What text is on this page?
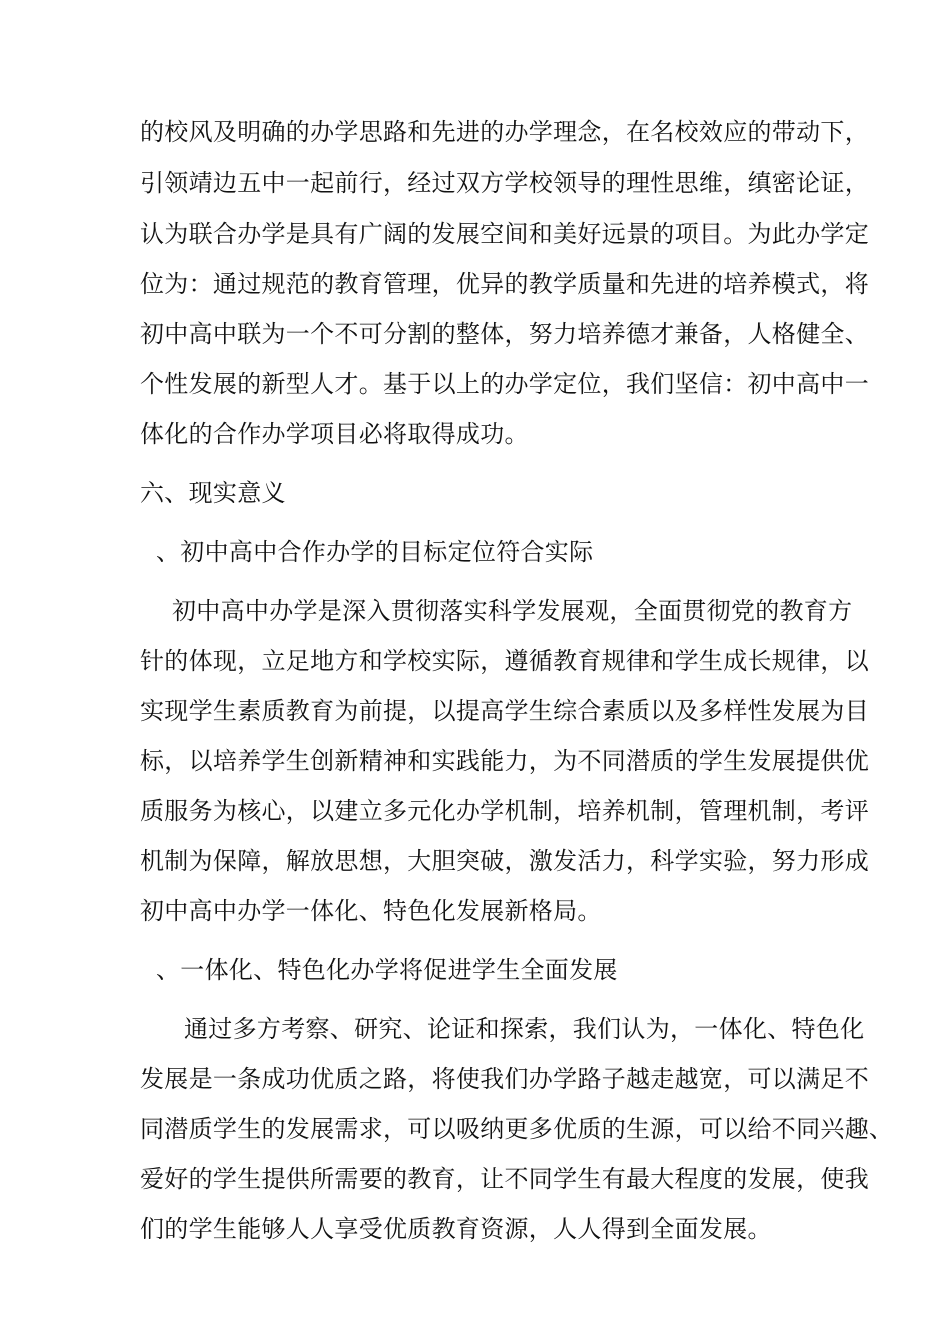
的校风及明确的办学思路和先进的办学理念，在名校效应的带动下，
引领靖边五中一起前行，经过双方学校领导的理性思维，缜密论证，
认为联合办学是具有广阔的发展空间和美好远景的项目。为此办学定
位为：通过规范的教育管理，优异的教学质量和先进的培养模式，将
初中高中联为一个不可分割的整体，努力培养德才兼备，人格健全、
个性发展的新型人才。基于以上的办学定位，我们坚信：初中高中一
体化的合作办学项目必将取得成功。
六、现实意义
、初中高中合作办学的目标定位符合实际
初中高中办学是深入贯彻落实科学发展观，全面贯彻党的教育方
针的体现，立足地方和学校实际，遵循教育规律和学生成长规律，以
实现学生素质教育为前提，以提高学生综合素质以及多样性发展为目
标，以培养学生创新精神和实践能力，为不同潜质的学生发展提供优
质服务为核心，以建立多元化办学机制，培养机制，管理机制，考评
机制为保障，解放思想，大胆突破，激发活力，科学实验，努力形成
初中高中办学一体化、特色化发展新格局。
、一体化、特色化办学将促进学生全面发展
通过多方考察、研究、论证和探索，我们认为，一体化、特色化
发展是一条成功优质之路，将使我们办学路子越走越宽，可以满足不
同潜质学生的发展需求，可以吸纳更多优质的生源，可以给不同兴趣、
爱好的学生提供所需要的教育，让不同学生有最大程度的发展，使我
们的学生能够人人享受优质教育资源，人人得到全面发展。
